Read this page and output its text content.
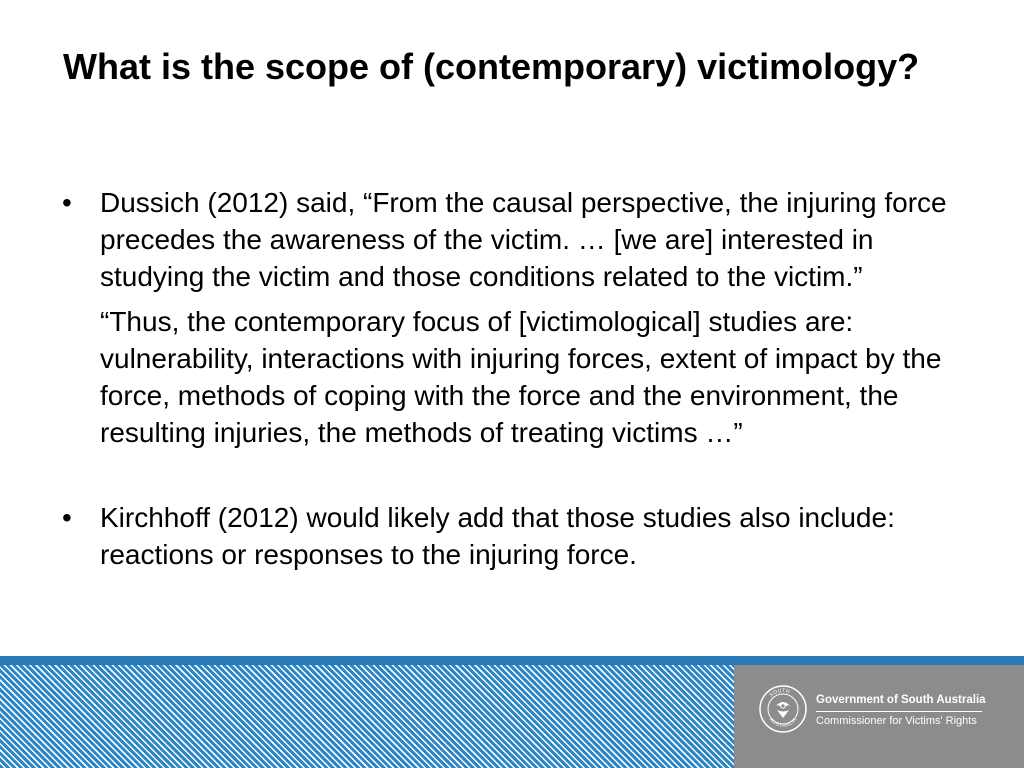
What is the scope of (contemporary) victimology?
• Dussich (2012) said, “From the causal perspective, the injuring force precedes the awareness of the victim. … [we are] interested in studying the victim and those conditions related to the victim.”

“Thus, the contemporary focus of [victimological] studies are: vulnerability, interactions with injuring forces, extent of impact by the force, methods of coping with the force and the environment, the resulting injuries, the methods of treating victims …”

• Kirchhoff (2012) would likely add that those studies also include: reactions or responses to the injuring force.

SOUTH
AUSTRALIA
Government of South Australia
Commissioner for Victims' Rights
